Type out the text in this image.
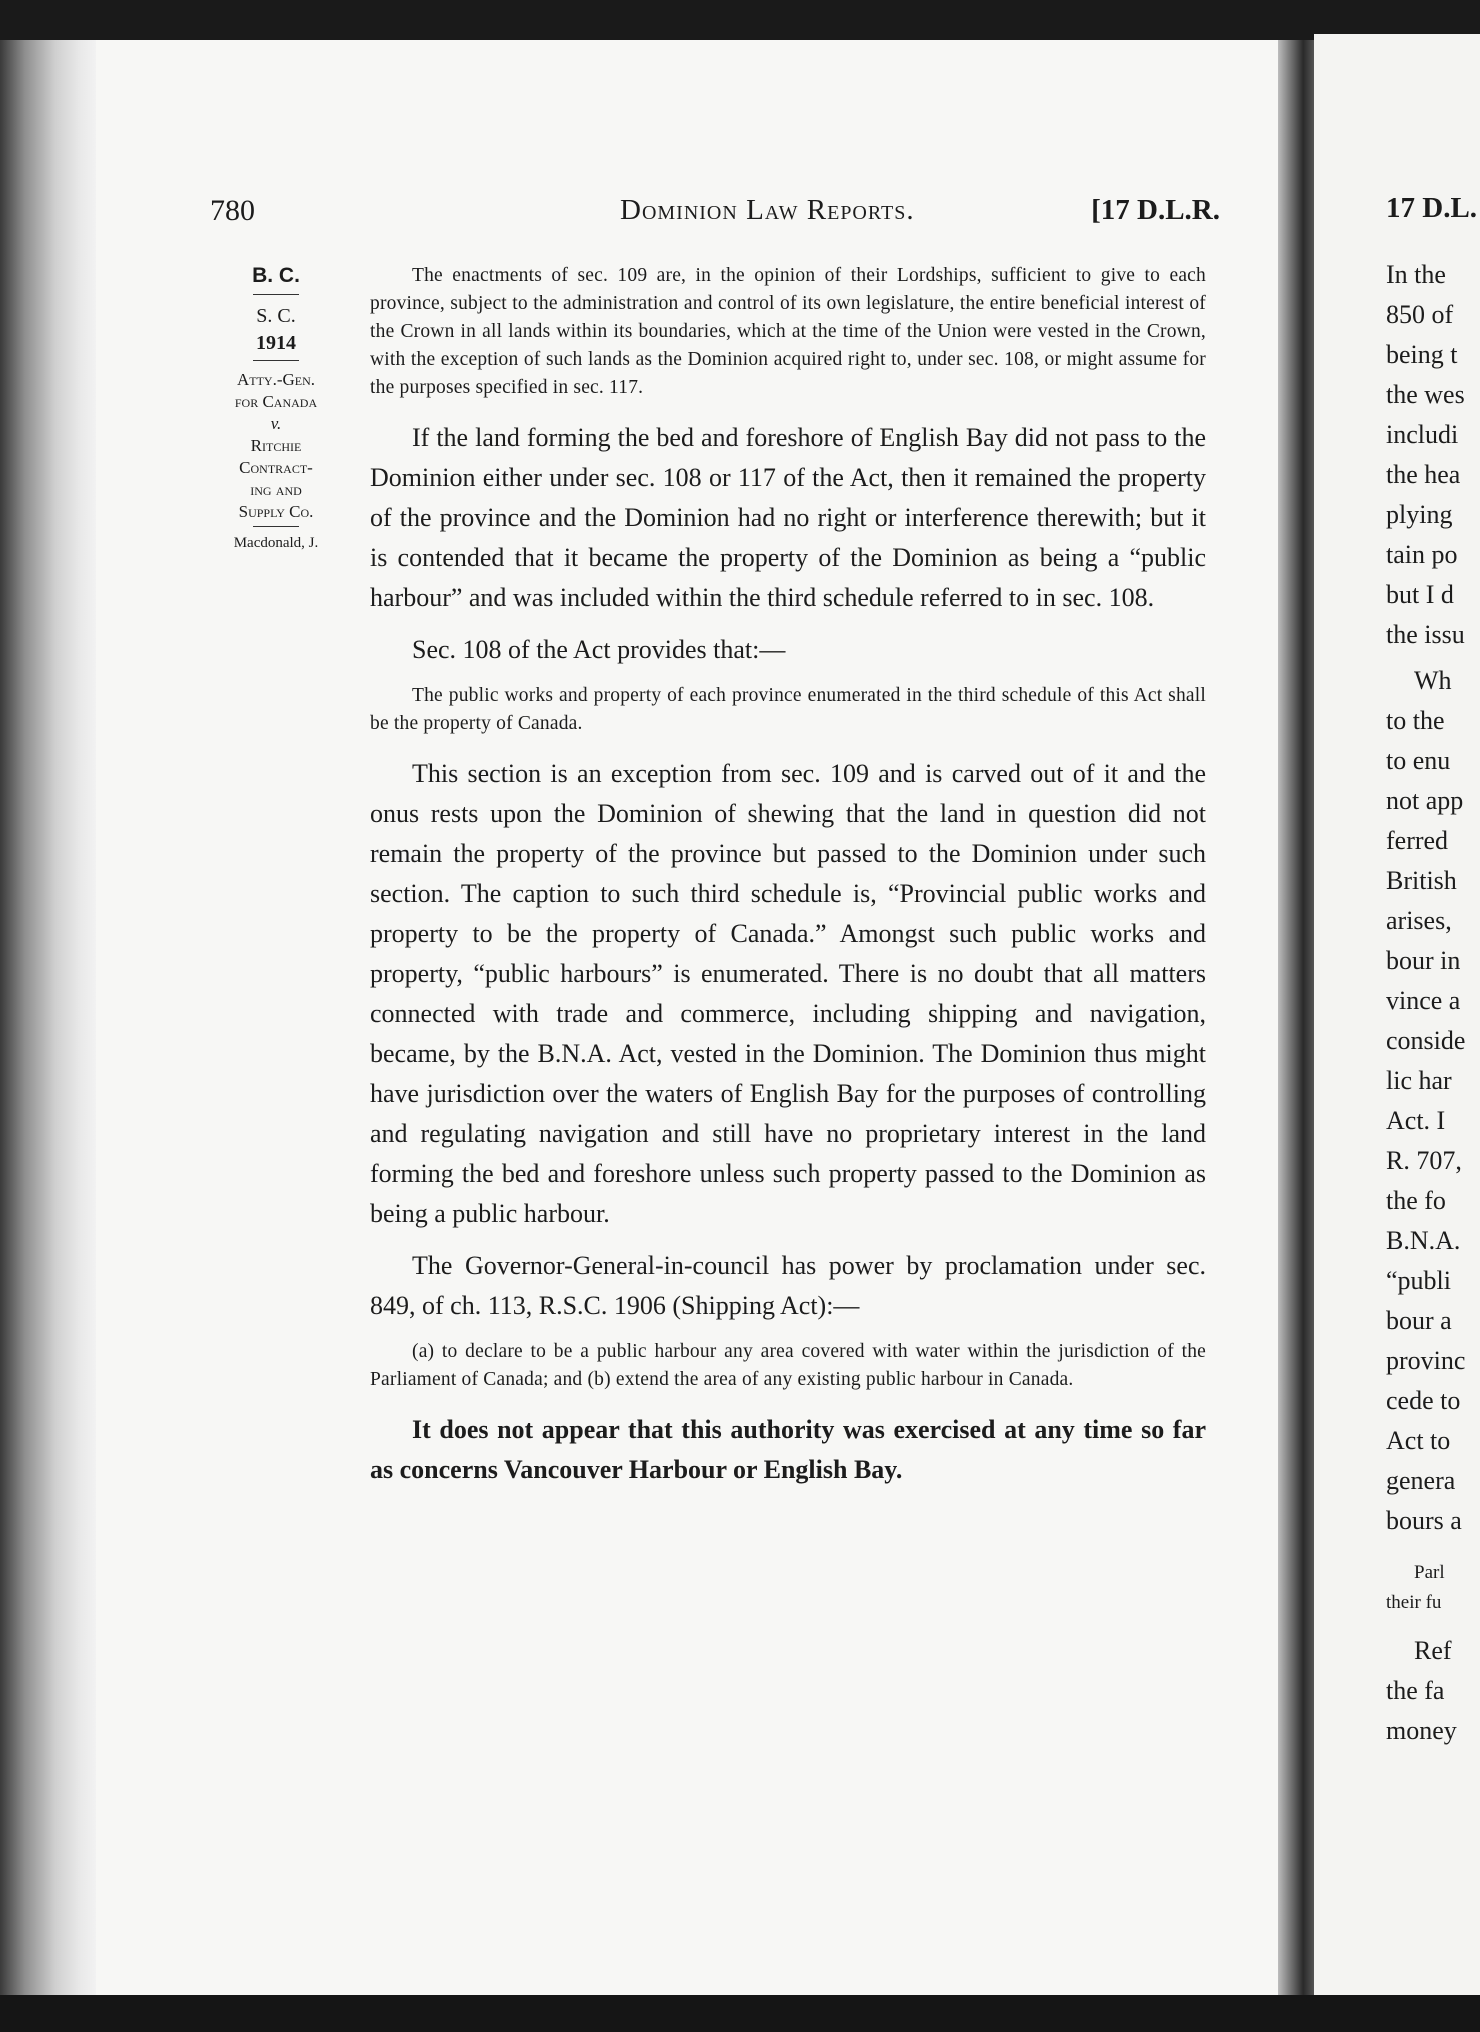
17 D.L.
In the
850 of
being t
the wes
includi
the hea
plying
tain po
but I d
the issu
Wh
to the
to enu
not app
ferred
British
arises,
bour in
vince a
conside
lic har
Act. I
R. 707,
the fo
B.N.A.
“publi
bour a
provinc
cede to
Act to
genera
bours a
Parl
their fu
Ref
the fa
money
780	Dominion Law Reports.	[17 D.L.R.
B. C.
S. C.
1914
Atty.-Gen.
for Canada
v.
Ritchie
Contract-
ing and
Supply Co.
Macdonald, J.

The enactments of sec. 109 are, in the opinion of their Lordships, sufficient to give to each province, subject to the administration and control of its own legislature, the entire beneficial interest of the Crown in all lands within its boundaries, which at the time of the Union were vested in the Crown, with the exception of such lands as the Dominion acquired right to, under sec. 108, or might assume for the purposes specified in sec. 117.

If the land forming the bed and foreshore of English Bay did not pass to the Dominion either under sec. 108 or 117 of the Act, then it remained the property of the province and the Dominion had no right or interference therewith; but it is contended that it became the property of the Dominion as being a “public harbour” and was included within the third schedule referred to in sec. 108.

Sec. 108 of the Act provides that:—

The public works and property of each province enumerated in the third schedule of this Act shall be the property of Canada.

This section is an exception from sec. 109 and is carved out of it and the onus rests upon the Dominion of shewing that the land in question did not remain the property of the province but passed to the Dominion under such section. The caption to such third schedule is, “Provincial public works and property to be the property of Canada.” Amongst such public works and property, “public harbours” is enumerated. There is no doubt that all matters connected with trade and commerce, including shipping and navigation, became, by the B.N.A. Act, vested in the Dominion. The Dominion thus might have jurisdiction over the waters of English Bay for the purposes of controlling and regulating navigation and still have no proprietary interest in the land forming the bed and foreshore unless such property passed to the Dominion as being a public harbour.

The Governor-General-in-council has power by proclamation under sec. 849, of ch. 113, R.S.C. 1906 (Shipping Act):—

(a) to declare to be a public harbour any area covered with water within the jurisdiction of the Parliament of Canada; and (b) extend the area of any existing public harbour in Canada.

It does not appear that this authority was exercised at any time so far as concerns Vancouver Harbour or English Bay.
